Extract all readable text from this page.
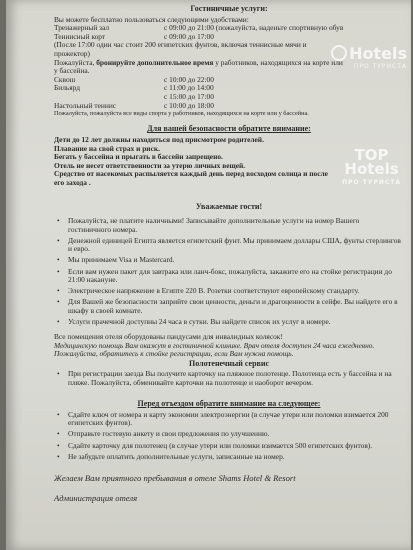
Гостиничные услуги:
Вы можете бесплатно пользоваться следующими удобствами:
Тренажерный зал	с 09:00 до 21:00 (пожалуйста, наденьте спортивную обув
Теннисный корт	с 09:00 до 17:00
(После 17:00 один час стоит 200 египетских фунтов, включая теннисные мячи и
прожектор)
Пожалуйста, бронируйте дополнительное время у работников, находящихся на корте или
у бассейна.
Сквош	с 10:00 до 22:00
Бильярд	с 11:00 до 14:00
с 15:00 до 17:00
Настольный теннис	с 10:00 до 18:00
Пожалуйста, пожалуйста все виды спорта у работников, находящихся на корте или у бассейна.
Для вашей безопасности обратите внимание:
Дети до 12 лет должны находиться под присмотром родителей.
Плавание на свой страх и риск.
Бегать у бассейна и прыгать в бассейн запрещено.
Отель не несет ответственности за утерю личных вещей.
Средство от насекомых распыляется каждый день перед восходом солнца и после
его захода .
Уважаемые гости!
• Пожалуйста, не платите наличными! Записывайте дополнительные услуги на номер Вашего гостиничного номера.
• Денежной единицей Египта является египетский фунт. Мы принимаем доллары США, фунты стерлингов и евро.
• Мы принимаем Visa и Mastercard.
• Если вам нужен пакет для завтрака или ланч-бокс, пожалуйста, закажите его на стойке регистрации до 21:00 накануне.
• Электрическое напряжение в Египте 220 В. Розетки соответствуют европейскому стандарту.
• Для Вашей же безопасности заприйте свои ценности, деньги и драгоценности в сейфе. Вы найдете его в шкафу в своей комнате.
• Услуги прачечной доступны 24 часа в сутки. Вы найдете список их услуг в номере.
Все помещения отеля оборудованы пандусами для инвалидных колясок!
Медицинскую помощь Вам окажут в гостиничной клинике. Врач отеля доступен 24 часа ежедневно. Пожалуйста, обратитесь к стойке регистрации, если Вам нужна помощь.
Полотенечный сервис
• При регистрации заезда Вы получите карточку на пляжное полотенце. Полотенца есть у бассейна и на пляже. Пожалуйста, обменивайте карточки на полотенце и наоборот вечером.
Перед отъездом обратите внимание на следующее:
• Сдайте ключ от номера и карту экономии электроэнергии (в случае утери или поломки взимается 200 египетских фунтов).
• Отправьте гостевую анкету и свои предложения по улучшению.
• Сдайте карточку для полотенец (в случае утери или поломки взимается 500 египетских фунтов).
• Не забудьте оплатить дополнительные услуги, записанные на номер.
Желаем Вам приятного пребывания в отеле Shams Hotel & Resort
Администрация отеля
Hotels
ПРО ТУРИСТА
TOP
Hotels
ПРО ТУРИСТА
